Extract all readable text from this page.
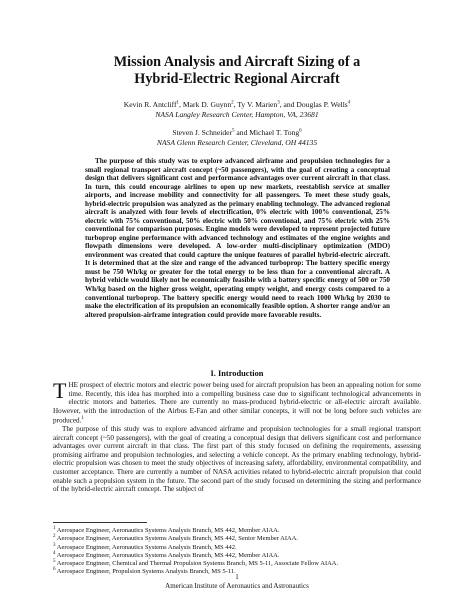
Mission Analysis and Aircraft Sizing of a
Hybrid-Electric Regional Aircraft
Kevin R. Antcliff$^1$, Mark D. Guynn$^2$, Ty V. Marien$^3$, and Douglas P. Wells$^4$
NASA Langley Research Center, Hampton, VA, 23681
Steven J. Schneider$^5$ and Michael T. Tong$^6$
NASA Glenn Research Center, Cleveland, OH 44135

The purpose of this study was to explore advanced airframe and propulsion technologies for a small regional transport aircraft concept (~50 passengers), with the goal of creating a conceptual design that delivers significant cost and performance advantages over current aircraft in that class. In turn, this could encourage airlines to open up new markets, reestablish service at smaller airports, and increase mobility and connectivity for all passengers. To meet these study goals, hybrid-electric propulsion was analyzed as the primary enabling technology. The advanced regional aircraft is analyzed with four levels of electrification, 0% electric with 100% conventional, 25% electric with 75% conventional, 50% electric with 50% conventional, and 75% electric with 25% conventional for comparison purposes. Engine models were developed to represent projected future turboprop engine performance with advanced technology and estimates of the engine weights and flowpath dimensions were developed. A low-order multi-disciplinary optimization (MDO) environment was created that could capture the unique features of parallel hybrid-electric aircraft. It is determined that at the size and range of the advanced turboprop: The battery specific energy must be 750 Wh/kg or greater for the total energy to be less than for a conventional aircraft. A hybrid vehicle would likely not be economically feasible with a battery specific energy of 500 or 750 Wh/kg based on the higher gross weight, operating empty weight, and energy costs compared to a conventional turboprop. The battery specific energy would need to reach 1000 Wh/kg by 2030 to make the electrification of its propulsion an economically feasible option. A shorter range and/or an altered propulsion-airframe integration could provide more favorable results.

I. Introduction

THE prospect of electric motors and electric power being used for aircraft propulsion has been an appealing notion for some time. Recently, this idea has morphed into a compelling business case due to significant technological advancements in electric motors and batteries. There are currently no mass-produced hybrid-electric or all-electric aircraft available. However, with the introduction of the Airbus E-Fan and other similar concepts, it will not be long before such vehicles are produced.$^1$

The purpose of this study was to explore advanced airframe and propulsion technologies for a small regional transport aircraft concept (~50 passengers), with the goal of creating a conceptual design that delivers significant cost and performance advantages over current aircraft in that class. The first part of this study focused on defining the requirements, assessing promising airframe and propulsion technologies, and selecting a vehicle concept. As the primary enabling technology, hybrid-electric propulsion was chosen to meet the study objectives of increasing safety, affordability, environmental compatibility, and customer acceptance. There are currently a number of NASA activities related to hybrid-electric aircraft propulsion that could enable such a propulsion system in the future. The second part of the study focused on determining the sizing and performance of the hybrid-electric aircraft concept. The subject of

$^1$ Aerospace Engineer, Aeronautics Systems Analysis Branch, MS 442, Member AIAA.
$^2$ Aerospace Engineer, Aeronautics Systems Analysis Branch, MS 442, Senior Member AIAA.
$^3$ Aerospace Engineer, Aeronautics Systems Analysis Branch, MS 442.
$^4$ Aerospace Engineer, Aeronautics Systems Analysis Branch, MS 442, Member AIAA.
$^5$ Aerospace Engineer, Chemical and Thermal Propulsion Systems Branch, MS 5-11, Associate Fellow AIAA.
$^6$ Aerospace Engineer, Propulsion Systems Analysis Branch, MS 5-11.
1
American Institute of Aeronautics and Astronautics
